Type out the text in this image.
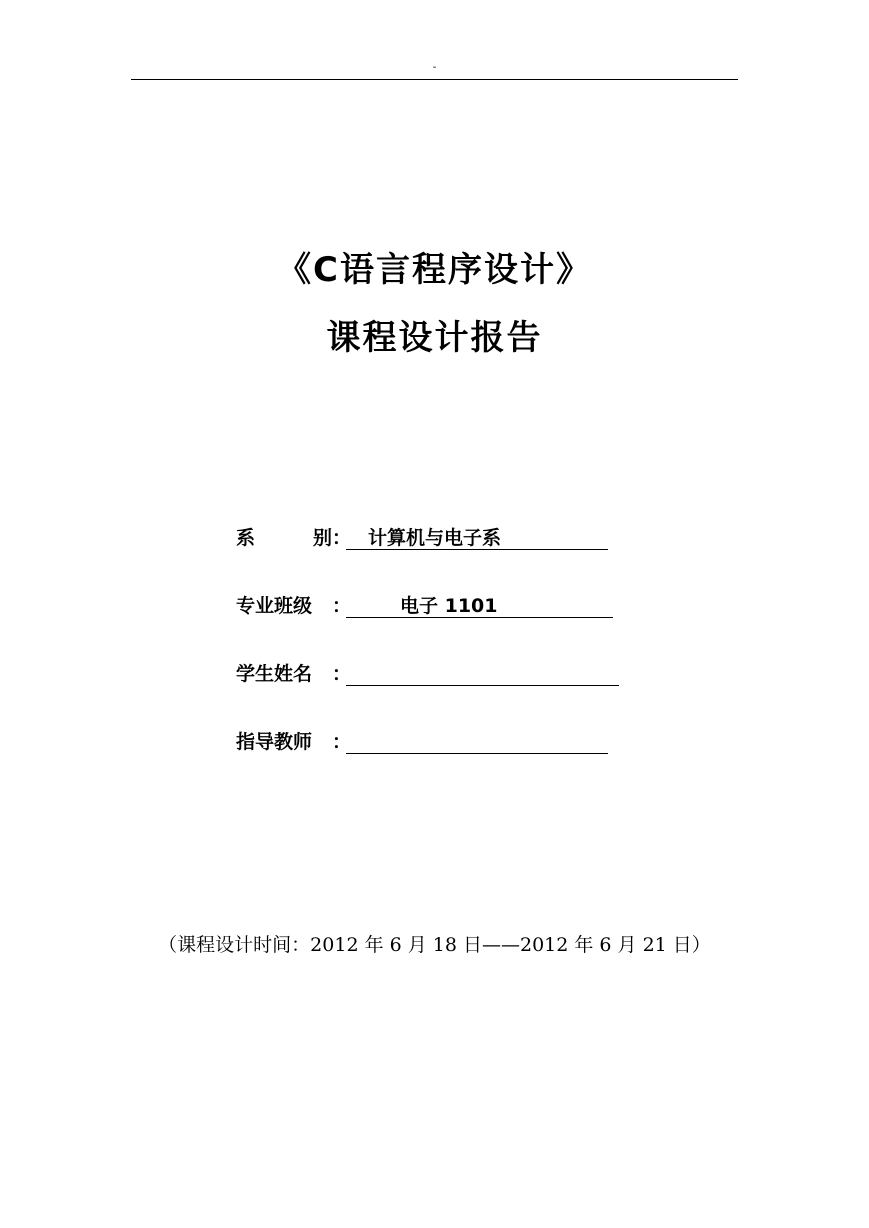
-
《C语言程序设计》
课程设计报告
系	别 ： 计算机与电子系
专业班级	：	电子 1101
学生姓名	：
指导教师	：
（课程设计时间：2012 年 6 月 18 日——2012 年 6 月 21 日）
